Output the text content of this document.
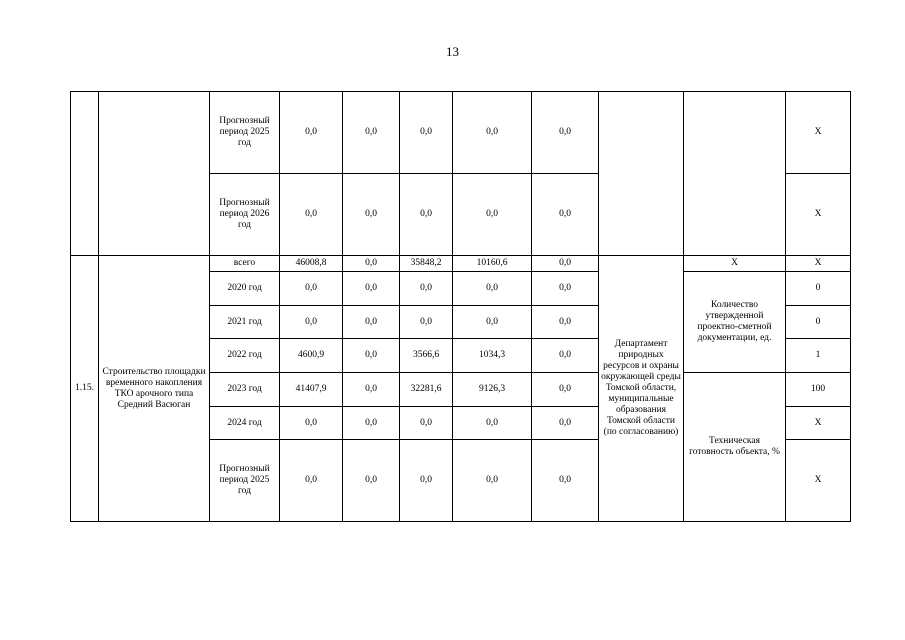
13
		Прогнозный период 2025 год	0,0	0,0	0,0	0,0	0,0			Х
		Прогнозный период 2026 год	0,0	0,0	0,0	0,0	0,0			Х
1.15.	Строительство площадки временного накопления ТКО арочного типа Средний Васюган	всего	46008,8	0,0	35848,2	10160,6	0,0	Департамент природных ресурсов и охраны окружающей среды Томской области, муниципальные образования Томской области (по согласованию)	Х	Х
		2020 год	0,0	0,0	0,0	0,0	0,0		Количество утвержденной проектно-сметной документации, ед.	0
		2021 год	0,0	0,0	0,0	0,0	0,0			0
		2022 год	4600,9	0,0	3566,6	1034,3	0,0			1
		2023 год	41407,9	0,0	32281,6	9126,3	0,0		Техническая готовность объекта, %	100
		2024 год	0,0	0,0	0,0	0,0	0,0			Х
		Прогнозный период 2025 год	0,0	0,0	0,0	0,0	0,0			Х
